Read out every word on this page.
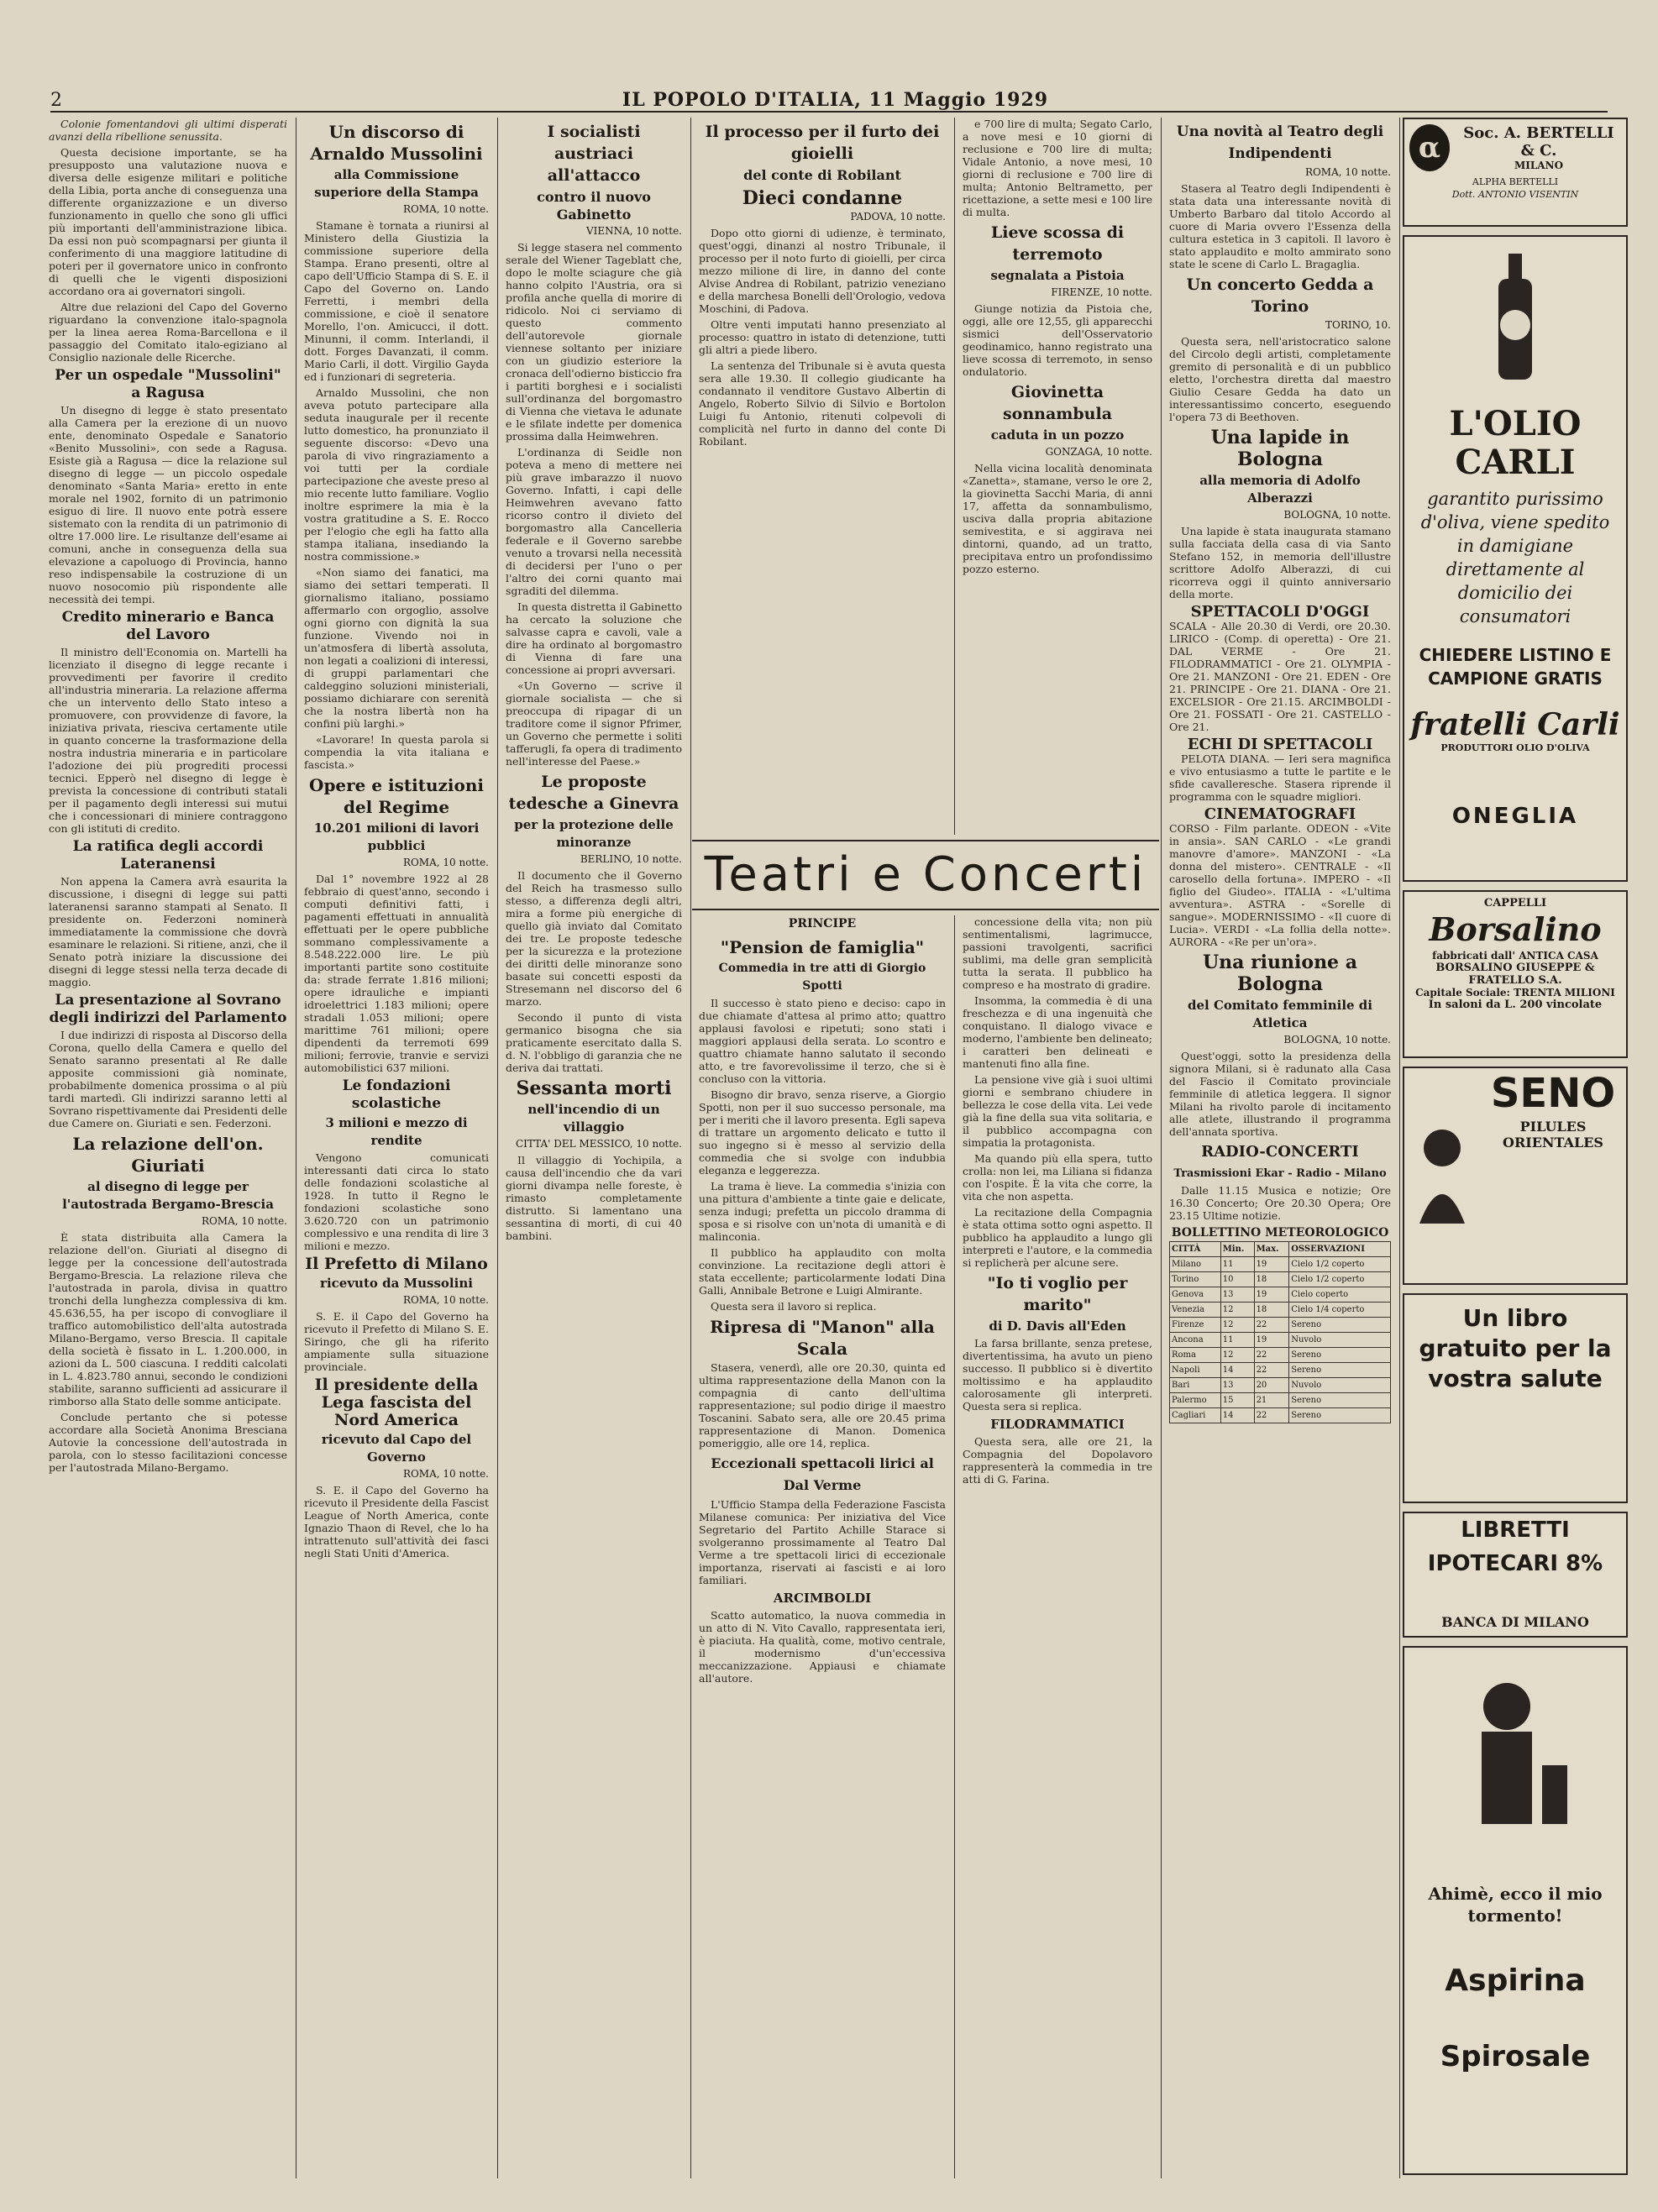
2	IL POPOLO D'ITALIA, 11 Maggio 1929

Colonie fomentandovi gli ultimi disperati avanzi della ribellione senussita.

Questa decisione importante, se ha presupposto una valutazione nuova e diversa delle esigenze militari e politiche della Libia, porta anche di conseguenza una differente organizzazione e un diverso funzionamento in quello che sono gli uffici più importanti dell'amministrazione libica. Da essi non può scompagnarsi per giunta il conferimento di una maggiore latitudine di poteri per il governatore unico in confronto di quelli che le vigenti disposizioni accordano ora ai governatori singoli.

Altre due relazioni del Capo del Governo riguardano la convenzione italo-spagnola per la linea aerea Roma-Barcellona e il passaggio del Comitato italo-egiziano al Consiglio nazionale delle Ricerche.

Per un ospedale "Mussolini" a Ragusa

Un disegno di legge è stato presentato alla Camera per la erezione di un nuovo ente, denominato Ospedale e Sanatorio «Benito Mussolini», con sede a Ragusa. Esiste già a Ragusa — dice la relazione sul disegno di legge — un piccolo ospedale denominato «Santa Maria» eretto in ente morale nel 1902, fornito di un patrimonio esiguo di lire. Il nuovo ente potrà essere sistemato con la rendita di un patrimonio di oltre 17.000 lire. Le risultanze dell'esame ai comuni, anche in conseguenza della sua elevazione a capoluogo di Provincia, hanno reso indispensabile la costruzione di un nuovo nosocomio più rispondente alle necessità dei tempi.

Credito minerario e Banca del Lavoro

Il ministro dell'Economia on. Martelli ha licenziato il disegno di legge recante i provvedimenti per favorire il credito all'industria mineraria. La relazione afferma che un intervento dello Stato inteso a promuovere, con provvidenze di favore, la iniziativa privata, riesciva certamente utile in quanto concerne la trasformazione della nostra industria mineraria e in particolare l'adozione dei più progrediti processi tecnici. Epperò nel disegno di legge è prevista la concessione di contributi statali per il pagamento degli interessi sui mutui che i concessionari di miniere contraggono con gli istituti di credito.

La ratifica degli accordi Lateranensi

Non appena la Camera avrà esaurita la discussione, i disegni di legge sui patti lateranensi saranno stampati al Senato. Il presidente on. Federzoni nominerà immediatamente la commissione che dovrà esaminare le relazioni. Si ritiene, anzi, che il Senato potrà iniziare la discussione dei disegni di legge stessi nella terza decade di maggio.

La presentazione al Sovrano degli indirizzi del Parlamento

I due indirizzi di risposta al Discorso della Corona, quello della Camera e quello del Senato saranno presentati al Re dalle apposite commissioni già nominate, probabilmente domenica prossima o al più tardi martedì. Gli indirizzi saranno letti al Sovrano rispettivamente dai Presidenti delle due Camere on. Giuriati e sen. Federzoni.

La relazione dell'on. Giuriati
al disegno di legge per l'autostrada Bergamo-Brescia
ROMA, 10 notte.

È stata distribuita alla Camera la relazione dell'on. Giuriati al disegno di legge per la concessione dell'autostrada Bergamo-Brescia. La relazione rileva che l'autostrada in parola, divisa in quattro tronchi della lunghezza complessiva di km. 45.636,55, ha per iscopo di convogliare il traffico automobilistico dell'alta autostrada Milano-Bergamo, verso Brescia. Il capitale della società è fissato in L. 1.200.000, in azioni da L. 500 ciascuna. I redditi calcolati in L. 4.823.780 annui, secondo le condizioni stabilite, saranno sufficienti ad assicurare il rimborso alla Stato delle somme anticipate.

Conclude pertanto che si potesse accordare alla Società Anonima Bresciana Autovie la concessione dell'autostrada in parola, con lo stesso facilitazioni concesse per l'autostrada Milano-Bergamo.

Un discorso di Arnaldo Mussolini
alla Commissione superiore della Stampa
ROMA, 10 notte.

Stamane è tornata a riunirsi al Ministero della Giustizia la commissione superiore della Stampa. Erano presenti, oltre al capo dell'Ufficio Stampa di S. E. il Capo del Governo on. Lando Ferretti, i membri della commissione, e cioè il senatore Morello, l'on. Amicucci, il dott. Minunni, il comm. Interlandi, il dott. Forges Davanzati, il comm. Mario Carli, il dott. Virgilio Gayda ed i funzionari di segreteria.

Arnaldo Mussolini, che non aveva potuto partecipare alla seduta inaugurale per il recente lutto domestico, ha pronunziato il seguente discorso: «Devo una parola di vivo ringraziamento a voi tutti per la cordiale partecipazione che aveste preso al mio recente lutto familiare. Voglio inoltre esprimere la mia è la vostra gratitudine a S. E. Rocco per l'elogio che egli ha fatto alla stampa italiana, insediando la nostra commissione.»

«Non siamo dei fanatici, ma siamo dei settari temperati. Il giornalismo italiano, possiamo affermarlo con orgoglio, assolve ogni giorno con dignità la sua funzione. Vivendo noi in un'atmosfera di libertà assoluta, non legati a coalizioni di interessi, di gruppi parlamentari che caldeggino soluzioni ministeriali, possiamo dichiarare con serenità che la nostra libertà non ha confini più larghi.»

«Lavorare! In questa parola si compendia la vita italiana e fascista.»

Opere e istituzioni del Regime
10.201 milioni di lavori pubblici
ROMA, 10 notte.

Dal 1° novembre 1922 al 28 febbraio di quest'anno, secondo i computi definitivi fatti, i pagamenti effettuati in annualità effettuati per le opere pubbliche sommano complessivamente a 8.548.222.000 lire. Le più importanti partite sono costituite da: strade ferrate 1.816 milioni; opere idrauliche e impianti idroelettrici 1.183 milioni; opere stradali 1.053 milioni; opere marittime 761 milioni; opere dipendenti da terremoti 699 milioni; ferrovie, tranvie e servizi automobilistici 637 milioni.

Le fondazioni scolastiche
3 milioni e mezzo di rendite

Vengono comunicati interessanti dati circa lo stato delle fondazioni scolastiche al 1928. In tutto il Regno le fondazioni scolastiche sono 3.620.720 con un patrimonio complessivo e una rendita di lire 3 milioni e mezzo.

Il Prefetto di Milano
ricevuto da Mussolini
ROMA, 10 notte.

S. E. il Capo del Governo ha ricevuto il Prefetto di Milano S. E. Siringo, che gli ha riferito ampiamente sulla situazione provinciale.

Il presidente della Lega fascista del Nord America
ricevuto dal Capo del Governo
ROMA, 10 notte.

S. E. il Capo del Governo ha ricevuto il Presidente della Fascist League of North America, conte Ignazio Thaon di Revel, che lo ha intrattenuto sull'attività dei fasci negli Stati Uniti d'America.

I socialisti austriaci all'attacco
contro il nuovo Gabinetto
VIENNA, 10 notte.

Si legge stasera nel commento serale del Wiener Tageblatt che, dopo le molte sciagure che già hanno colpito l'Austria, ora si profila anche quella di morire di ridicolo. Noi ci serviamo di questo commento dell'autorevole giornale viennese soltanto per iniziare con un giudizio esteriore la cronaca dell'odierno bisticcio fra i partiti borghesi e i socialisti sull'ordinanza del borgomastro di Vienna che vietava le adunate e le sfilate indette per domenica prossima dalla Heimwehren.

L'ordinanza di Seidle non poteva a meno di mettere nei più grave imbarazzo il nuovo Governo. Infatti, i capi delle Heimwehren avevano fatto ricorso contro il divieto del borgomastro alla Cancelleria federale e il Governo sarebbe venuto a trovarsi nella necessità di decidersi per l'uno o per l'altro dei corni quanto mai sgraditi del dilemma.

In questa distretta il Gabinetto ha cercato la soluzione che salvasse capra e cavoli, vale a dire ha ordinato al borgomastro di Vienna di fare una concessione ai propri avversari.

«Un Governo — scrive il giornale socialista — che si preoccupa di ripagar di un traditore come il signor Pfrimer, un Governo che permette i soliti tafferugli, fa opera di tradimento nell'interesse del Paese.»

Le proposte tedesche a Ginevra
per la protezione delle minoranze
BERLINO, 10 notte.

Il documento che il Governo del Reich ha trasmesso sullo stesso, a differenza degli altri, mira a forme più energiche di quello già inviato dal Comitato dei tre. Le proposte tedesche per la sicurezza e la protezione dei diritti delle minoranze sono basate sui concetti esposti da Stresemann nel discorso del 6 marzo.

Secondo il punto di vista germanico bisogna che sia praticamente esercitato dalla S. d. N. l'obbligo di garanzia che ne deriva dai trattati.

Sessanta morti
nell'incendio di un villaggio
CITTA' DEL MESSICO, 10 notte.

Il villaggio di Yochipila, a causa dell'incendio che da vari giorni divampa nelle foreste, è rimasto completamente distrutto. Si lamentano una sessantina di morti, di cui 40 bambini.

Il processo per il furto dei gioielli
del conte di Robilant
Dieci condanne
PADOVA, 10 notte.

Dopo otto giorni di udienze, è terminato, quest'oggi, dinanzi al nostro Tribunale, il processo per il noto furto di gioielli, per circa mezzo milione di lire, in danno del conte Alvise Andrea di Robilant, patrizio veneziano e della marchesa Bonelli dell'Orologio, vedova Moschini, di Padova.

Oltre venti imputati hanno presenziato al processo: quattro in istato di detenzione, tutti gli altri a piede libero.

La sentenza del Tribunale si è avuta questa sera alle 19.30. Il collegio giudicante ha condannato il venditore Gustavo Albertin di Angelo, Roberto Silvio di Silvio e Bortolon Luigi fu Antonio, ritenuti colpevoli di complicità nel furto in danno del conte Di Robilant.

e 700 lire di multa; Segato Carlo, a nove mesi e 10 giorni di reclusione e 700 lire di multa; Vidale Antonio, a nove mesi, 10 giorni di reclusione e 700 lire di multa; Antonio Beltrametto, per ricettazione, a sette mesi e 100 lire di multa.

Lieve scossa di terremoto
segnalata a Pistoia
FIRENZE, 10 notte.

Giunge notizia da Pistoia che, oggi, alle ore 12,55, gli apparecchi sismici dell'Osservatorio geodinamico, hanno registrato una lieve scossa di terremoto, in senso ondulatorio.

Giovinetta sonnambula
caduta in un pozzo
GONZAGA, 10 notte.

Nella vicina località denominata «Zanetta», stamane, verso le ore 2, la giovinetta Sacchi Maria, di anni 17, affetta da sonnambulismo, usciva dalla propria abitazione semivestita, e si aggirava nei dintorni, quando, ad un tratto, precipitava entro un profondissimo pozzo esterno.

Teatri e Concerti
PRINCIPE
"Pension de famiglia"
Commedia in tre atti di Giorgio Spotti

Il successo è stato pieno e deciso: capo in due chiamate d'attesa al primo atto; quattro applausi favolosi e ripetuti; sono stati i maggiori applausi della serata. Lo scontro e quattro chiamate hanno salutato il secondo atto, e tre favorevolissime il terzo, che si è concluso con la vittoria.

Bisogno dir bravo, senza riserve, a Giorgio Spotti, non per il suo successo personale, ma per i meriti che il lavoro presenta. Egli sapeva di trattare un argomento delicato e tutto il suo ingegno si è messo al servizio della commedia che si svolge con indubbia eleganza e leggerezza.

La trama è lieve. La commedia s'inizia con una pittura d'ambiente a tinte gaie e delicate, senza indugi; prefetta un piccolo dramma di sposa e si risolve con un'nota di umanità e di malinconia.

Il pubblico ha applaudito con molta convinzione. La recitazione degli attori è stata eccellente; particolarmente lodati Dina Galli, Annibale Betrone e Luigi Almirante.

Questa sera il lavoro si replica.

Ripresa di "Manon" alla Scala

Stasera, venerdì, alle ore 20.30, quinta ed ultima rappresentazione della Manon con la compagnia di canto dell'ultima rappresentazione; sul podio dirige il maestro Toscanini. Sabato sera, alle ore 20.45 prima rappresentazione di Manon. Domenica pomeriggio, alle ore 14, replica.

Eccezionali spettacoli lirici al Dal Verme

L'Ufficio Stampa della Federazione Fascista Milanese comunica: Per iniziativa del Vice Segretario del Partito Achille Starace si svolgeranno prossimamente al Teatro Dal Verme a tre spettacoli lirici di eccezionale importanza, riservati ai fascisti e ai loro familiari.

ARCIMBOLDI

Scatto automatico, la nuova commedia in un atto di N. Vito Cavallo, rappresentata ieri, è piaciuta. Ha qualità, come, motivo centrale, il modernismo d'un'eccessiva meccanizzazione. Appiausi e chiamate all'autore.

concessione della vita; non più sentimentalismi, lagrimucce, passioni travolgenti, sacrifici sublimi, ma delle gran semplicità tutta la serata. Il pubblico ha compreso e ha mostrato di gradire.

Insomma, la commedia è di una freschezza e di una ingenuità che conquistano. Il dialogo vivace e moderno, l'ambiente ben delineato; i caratteri ben delineati e mantenuti fino alla fine.

La pensione vive già i suoi ultimi giorni e sembrano chiudere in bellezza le cose della vita. Lei vede già la fine della sua vita solitaria, e il pubblico accompagna con simpatia la protagonista.

Ma quando più ella spera, tutto crolla: non lei, ma Liliana si fidanza con l'ospite. È la vita che corre, la vita che non aspetta.

La recitazione della Compagnia è stata ottima sotto ogni aspetto. Il pubblico ha applaudito a lungo gli interpreti e l'autore, e la commedia si replicherà per alcune sere.

"Io ti voglio per marito"
di D. Davis all'Eden

La farsa brillante, senza pretese, divertentissima, ha avuto un pieno successo. Il pubblico si è divertito moltissimo e ha applaudito calorosamente gli interpreti. Questa sera si replica.

FILODRAMMATICI

Questa sera, alle ore 21, la Compagnia del Dopolavoro rappresenterà la commedia in tre atti di G. Farina.

Una novità al Teatro degli Indipendenti
ROMA, 10 notte.

Stasera al Teatro degli Indipendenti è stata data una interessante novità di Umberto Barbaro dal titolo Accordo al cuore di Maria ovvero l'Essenza della cultura estetica in 3 capitoli. Il lavoro è stato applaudito e molto ammirato sono state le scene di Carlo L. Bragaglia.

Un concerto Gedda a Torino
TORINO, 10.

Questa sera, nell'aristocratico salone del Circolo degli artisti, completamente gremito di personalità e di un pubblico eletto, l'orchestra diretta dal maestro Giulio Cesare Gedda ha dato un interessantissimo concerto, eseguendo l'opera 73 di Beethoven.

Una lapide in Bologna
alla memoria di Adolfo Alberazzi
BOLOGNA, 10 notte.

Una lapide è stata inaugurata stamano sulla facciata della casa di via Santo Stefano 152, in memoria dell'illustre scrittore Adolfo Alberazzi, di cui ricorreva oggi il quinto anniversario della morte.

SPETTACOLI D'OGGI

SCALA - Alle 20.30 di Verdi, ore 20.30. LIRICO - (Comp. di operetta) - Ore 21. DAL VERME - Ore 21. FILODRAMMATICI - Ore 21. OLYMPIA - Ore 21. MANZONI - Ore 21. EDEN - Ore 21. PRINCIPE - Ore 21. DIANA - Ore 21. EXCELSIOR - Ore 21.15. ARCIMBOLDI - Ore 21. FOSSATI - Ore 21. CASTELLO - Ore 21.

ECHI DI SPETTACOLI

PELOTA DIANA. — Ieri sera magnifica e vivo entusiasmo a tutte le partite e le sfide cavalleresche. Stasera riprende il programma con le squadre migliori.

CINEMATOGRAFI

CORSO - Film parlante. ODEON - «Vite in ansia». SAN CARLO - «Le grandi manovre d'amore». MANZONI - «La donna del mistero». CENTRALE - «Il carosello della fortuna». IMPERO - «Il figlio del Giudeo». ITALIA - «L'ultima avventura». ASTRA - «Sorelle di sangue». MODERNISSIMO - «Il cuore di Lucia». VERDI - «La follia della notte». AURORA - «Re per un'ora».

Una riunione a Bologna
del Comitato femminile di Atletica
BOLOGNA, 10 notte.

Quest'oggi, sotto la presidenza della signora Milani, si è radunato alla Casa del Fascio il Comitato provinciale femminile di atletica leggera. Il signor Milani ha rivolto parole di incitamento alle atlete, illustrando il programma dell'annata sportiva.

RADIO-CONCERTI
Trasmissioni Ekar - Radio - Milano

Dalle 11.15 Musica e notizie; Ore 16.30 Concerto; Ore 20.30 Opera; Ore 23.15 Ultime notizie.

BOLLETTINO METEOROLOGICO
CITTÀ	Min.	Max.	OSSERVAZIONI
Milano	11	19	Cielo 1/2 coperto
Torino	10	18	Cielo 1/2 coperto
Genova	13	19	Cielo coperto
Venezia	12	18	Cielo 1/4 coperto
Firenze	12	22	Sereno
Ancona	11	19	Nuvolo
Roma	12	22	Sereno
Napoli	14	22	Sereno
Bari	13	20	Nuvolo
Palermo	15	21	Sereno
Cagliari	14	22	Sereno
α	Soc. A. BERTELLI & C.
MILANO
ALPHA BERTELLI
Dott. ANTONIO VISENTIN
L'OLIO CARLI
garantito purissimo d'oliva, viene spedito in damigiane direttamente al domicilio dei consumatori
CHIEDERE LISTINO E CAMPIONE GRATIS
fratelli Carli
PRODUTTORI OLIO D'OLIVA
ONEGLIA
CAPPELLI
Borsalino
fabbricati dall' ANTICA CASA
BORSALINO GIUSEPPE & FRATELLO S.A.
Capitale Sociale: TRENTA MILIONI
In saloni da L. 200 vincolate
SENO
PILULES ORIENTALES
Un libro gratuito per la vostra salute
LIBRETTI IPOTECARI 8%
BANCA DI MILANO
Ahimè, ecco il mio tormento!
Aspirina
Spirosale
